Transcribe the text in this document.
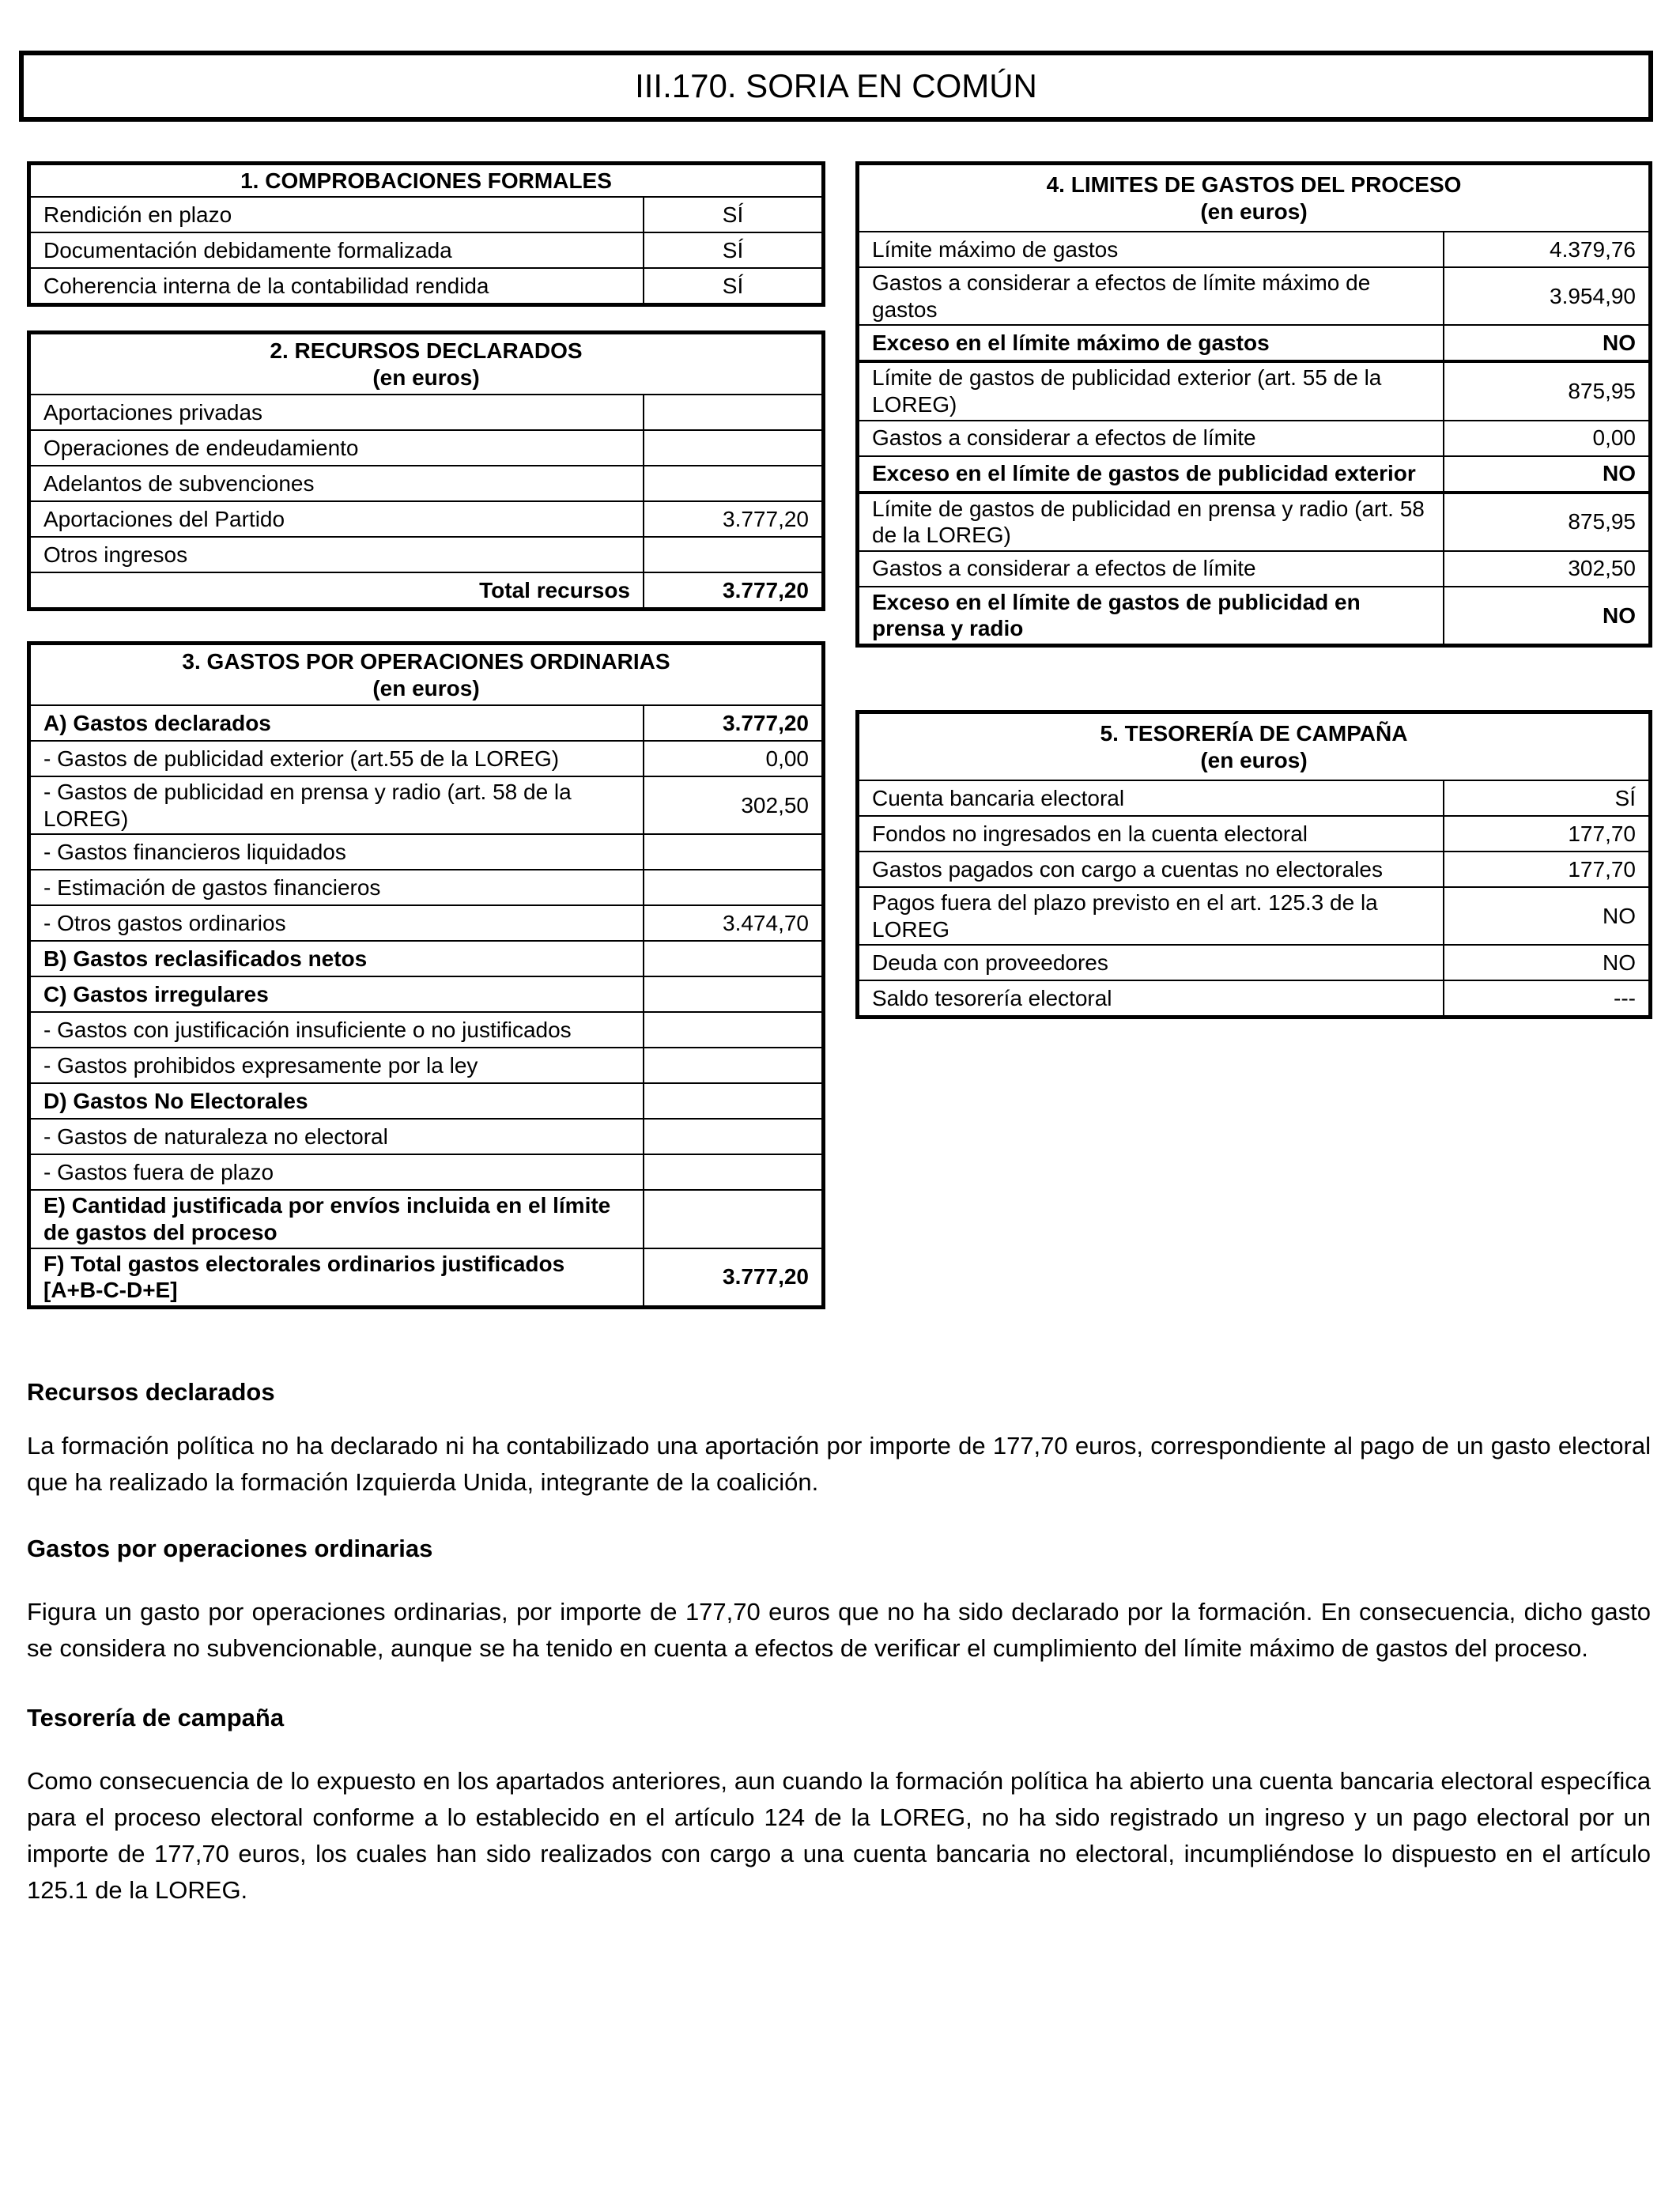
III.170. SORIA EN COMÚN
1. COMPROBACIONES FORMALES	
Rendición en plazo	SÍ
Documentación debidamente formalizada	SÍ
Coherencia interna de la contabilidad rendida	SÍ
2. RECURSOS DECLARADOS
(en euros)	

Aportaciones privadas	
Operaciones de endeudamiento	
Adelantos de subvenciones	
Aportaciones del Partido	3.777,20
Otros ingresos	
Total recursos	3.777,20
3. GASTOS POR OPERACIONES ORDINARIAS
(en euros)	

A) Gastos declarados	3.777,20
- Gastos de publicidad exterior (art.55 de la LOREG)	0,00
- Gastos de publicidad en prensa y radio (art. 58 de la LOREG)	302,50
- Gastos financieros liquidados	
- Estimación de gastos financieros	
- Otros gastos ordinarios	3.474,70
B) Gastos reclasificados netos	
C) Gastos irregulares	
- Gastos con justificación insuficiente o no justificados	
- Gastos prohibidos expresamente por la ley	
D) Gastos No Electorales	
- Gastos de naturaleza no electoral	
- Gastos fuera de plazo	
E) Cantidad justificada por envíos incluida en el límite de gastos del proceso	
F) Total gastos electorales ordinarios justificados [A+B-C-D+E]	3.777,20
4. LIMITES DE GASTOS DEL PROCESO
(en euros)	

Límite máximo de gastos	4.379,76
Gastos a considerar a efectos de límite máximo de gastos	3.954,90
Exceso en el límite máximo de gastos	NO
Límite de gastos de publicidad exterior (art. 55 de la LOREG)	875,95
Gastos a considerar a efectos de límite	0,00
Exceso en el límite de gastos de publicidad exterior	NO
Límite de gastos de publicidad en prensa y radio (art. 58 de la LOREG)	875,95
Gastos a considerar a efectos de límite	302,50
Exceso en el límite de gastos de publicidad en prensa y radio	NO
5. TESORERÍA DE CAMPAÑA
(en euros)	

Cuenta bancaria electoral	SÍ
Fondos no ingresados en la cuenta electoral	177,70
Gastos pagados con cargo a cuentas no electorales	177,70
Pagos fuera del plazo previsto en el art. 125.3 de la LOREG	NO
Deuda con proveedores	NO
Saldo tesorería electoral	---
Recursos declarados

La formación política no ha declarado ni ha contabilizado una aportación por importe de 177,70 euros, correspondiente al pago de un gasto electoral que ha realizado la formación Izquierda Unida, integrante de la coalición.

Gastos por operaciones ordinarias

Figura un gasto por operaciones ordinarias, por importe de 177,70 euros que no ha sido declarado por la formación. En consecuencia, dicho gasto se considera no subvencionable, aunque se ha tenido en cuenta a efectos de verificar el cumplimiento del límite máximo de gastos del proceso.

Tesorería de campaña

Como consecuencia de lo expuesto en los apartados anteriores, aun cuando la formación política ha abierto una cuenta bancaria electoral específica para el proceso electoral conforme a lo establecido en el artículo 124 de la LOREG, no ha sido registrado un ingreso y un pago electoral por un importe de 177,70 euros, los cuales han sido realizados con cargo a una cuenta bancaria no electoral, incumpliéndose lo dispuesto en el artículo 125.1 de la LOREG.
